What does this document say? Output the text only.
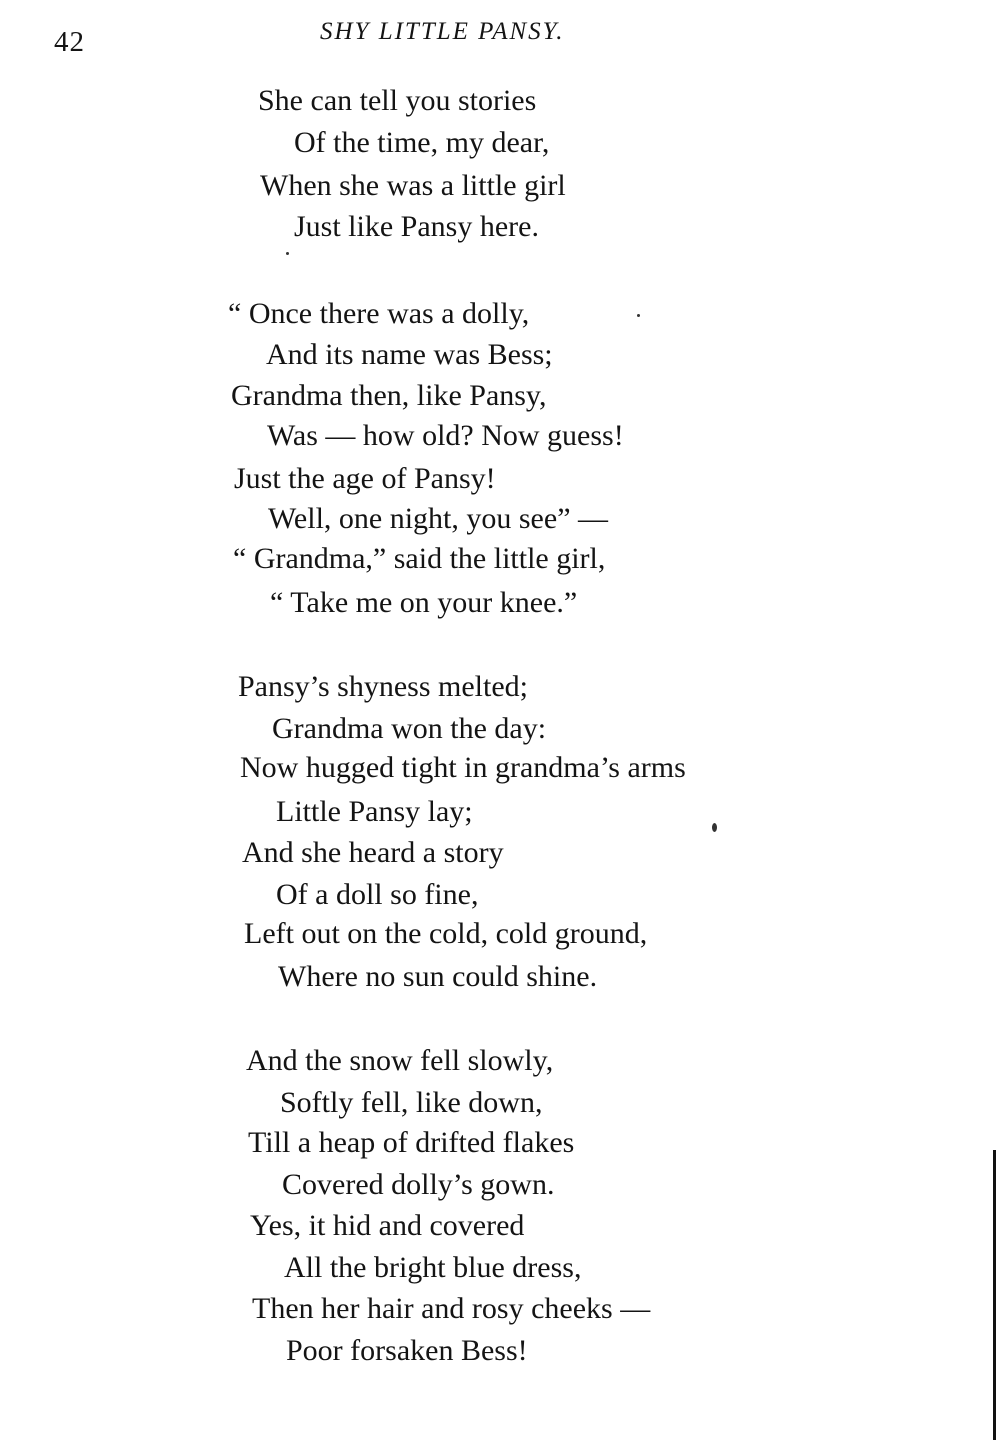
42	SHY LITTLE PANSY.
She can tell you stories
Of the time, my dear,
When she was a little girl
Just like Pansy here.
“ Once there was a dolly,
And its name was Bess;
Grandma then, like Pansy,
Was — how old? Now guess!
Just the age of Pansy!
Well, one night, you see” —
“ Grandma,” said the little girl,
“ Take me on your knee.”
Pansy’s shyness melted;
Grandma won the day:
Now hugged tight in grandma’s arms
Little Pansy lay;
And she heard a story
Of a doll so fine,
Left out on the cold, cold ground,
Where no sun could shine.
And the snow fell slowly,
Softly fell, like down,
Till a heap of drifted flakes
Covered dolly’s gown.
Yes, it hid and covered
All the bright blue dress,
Then her hair and rosy cheeks —
Poor forsaken Bess!
